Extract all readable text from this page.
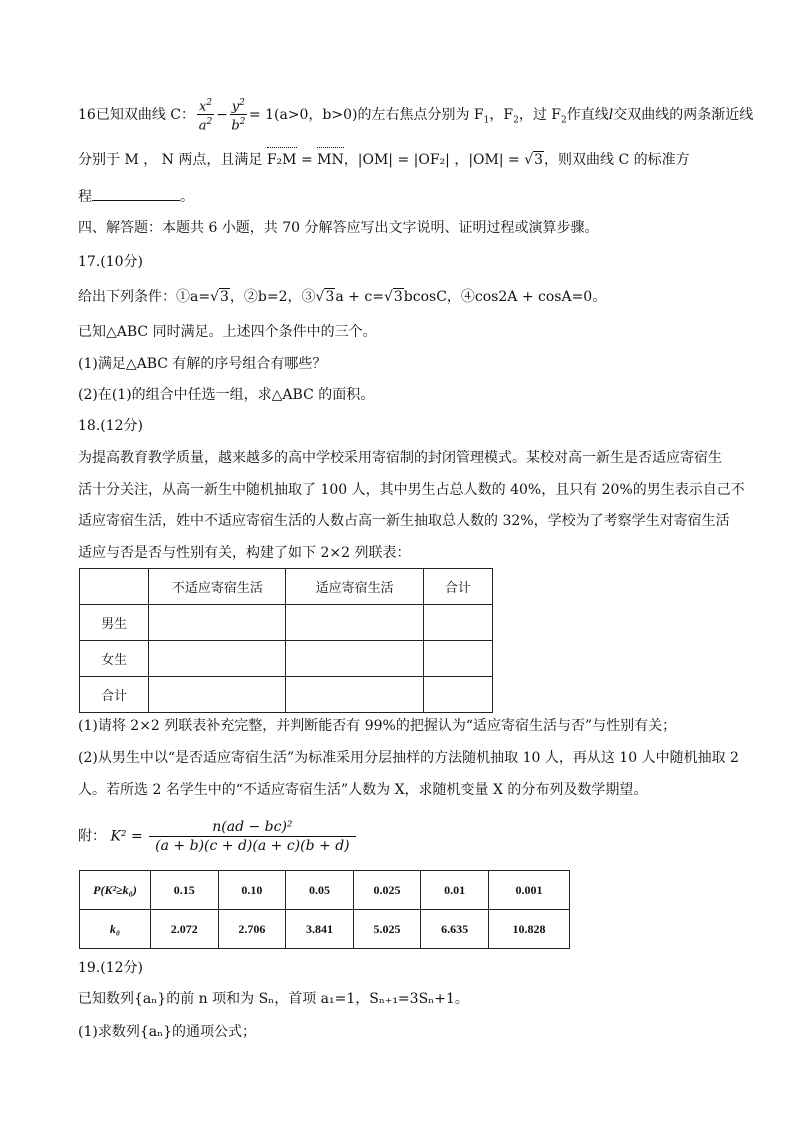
16已知双曲线 C： $\frac{x^2}{a^2} - \frac{y^2}{b^2} = 1(a>0$，b>0)的左右焦点分别为 $F_1$，$F_2$，过 $F_2$作直线l交双曲线的两条渐近线
分别于 M ， N 两点，且满足 F₂M = MN，|OM| = |OF₂| ，|OM| = √3，则双曲线 C 的标准方
程	。
四、解答题：本题共 6 小题，共 70 分解答应写出文字说明、证明过程或演算步骤。
17.(10分)
给出下列条件：①a=√3，②b=2，③√3a + c=√3bcosC，④cos2A + cosA=0。
已知△ABC 同时满足。上述四个条件中的三个。
(1)满足△ABC 有解的序号组合有哪些？
(2)在(1)的组合中任选一组，求△ABC 的面积。
18.(12分)
为提高教育教学质量，越来越多的高中学校采用寄宿制的封闭管理模式。某校对高一新生是否适应寄宿生
活十分关注，从高一新生中随机抽取了 100 人，其中男生占总人数的 40%，且只有 20%的男生表示自己不
适应寄宿生活，姓中不适应寄宿生活的人数占高一新生抽取总人数的 32%，学校为了考察学生对寄宿生活
适应与否是否与性别有关，构建了如下 2×2 列联表：
	不适应寄宿生活	适应寄宿生活	合计
男生			
女生			
合计			
(1)请将 2×2 列联表补充完整，并判断能否有 99%的把握认为“适应寄宿生活与否”与性别有关；
(2)从男生中以“是否适应寄宿生活”为标准采用分层抽样的方法随机抽取 10 人，再从这 10 人中随机抽取 2
人。若所选 2 名学生中的“不适应寄宿生活”人数为 X，求随机变量 X 的分布列及数学期望。
附： $K^2 = \frac{\text{n(ad − bc)²}}{(a + b)(c + d)(a + c)(b + d)}$
P(K²≥k₀)	0.15	0.10	0.05	0.025	0.01	0.001
k₀	2.072	2.706	3.841	5.025	6.635	10.828
19.(12分)
已知数列{aₙ}的前 n 项和为 Sₙ，首项 a₁=1，Sₙ₊₁=3Sₙ+1。
(1)求数列{aₙ}的通项公式；
